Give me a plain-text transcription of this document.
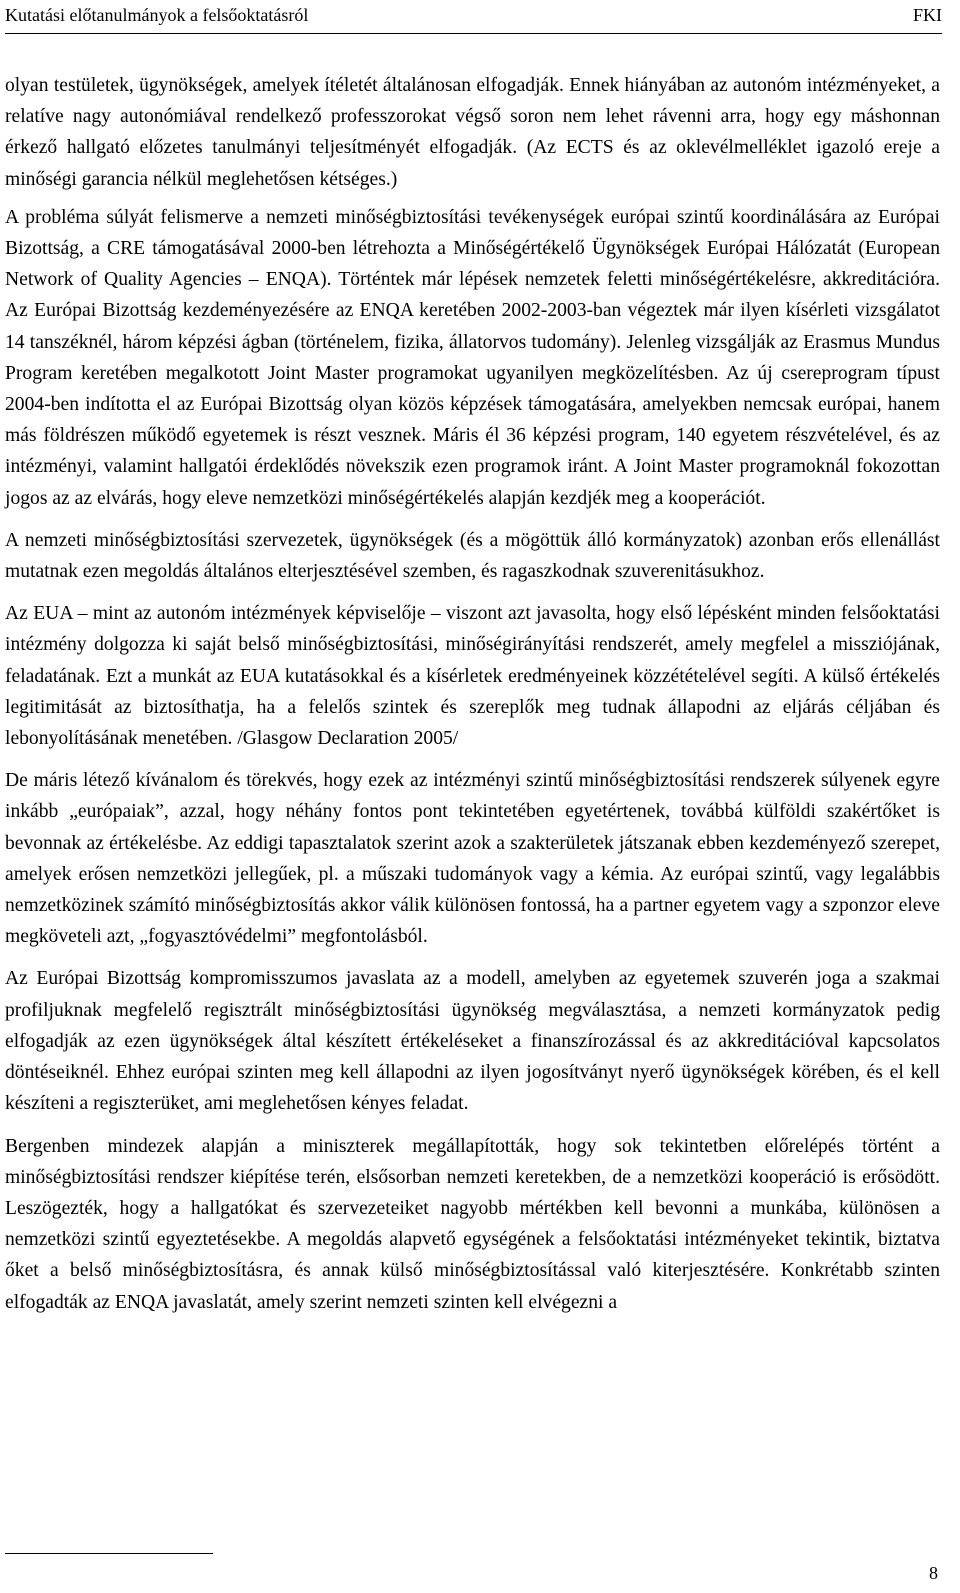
Kutatási előtanulmányok a felsőoktatásról	FKI

olyan testületek, ügynökségek, amelyek ítéletét általánosan elfogadják. Ennek hiányában az autonóm intézményeket, a relatíve nagy autonómiával rendelkező professzorokat végső soron nem lehet rávenni arra, hogy egy máshonnan érkező hallgató előzetes tanulmányi teljesítményét elfogadják. (Az ECTS és az oklevélmelléklet igazoló ereje a minőségi garancia nélkül meglehetősen kétséges.)

A probléma súlyát felismerve a nemzeti minőségbiztosítási tevékenységek európai szintű koordinálására az Európai Bizottság, a CRE támogatásával 2000-ben létrehozta a Minőségértékelő Ügynökségek Európai Hálózatát (European Network of Quality Agencies – ENQA). Történtek már lépések nemzetek feletti minőségértékelésre, akkreditációra. Az Európai Bizottság kezdeményezésére az ENQA keretében 2002-2003-ban végeztek már ilyen kísérleti vizsgálatot 14 tanszéknél, három képzési ágban (történelem, fizika, állatorvos tudomány). Jelenleg vizsgálják az Erasmus Mundus Program keretében megalkotott Joint Master programokat ugyanilyen megközelítésben. Az új csereprogram típust 2004-ben indította el az Európai Bizottság olyan közös képzések támogatására, amelyekben nemcsak európai, hanem más földrészen működő egyetemek is részt vesznek. Máris él 36 képzési program, 140 egyetem részvételével, és az intézményi, valamint hallgatói érdeklődés növekszik ezen programok iránt. A Joint Master programoknál fokozottan jogos az az elvárás, hogy eleve nemzetközi minőségértékelés alapján kezdjék meg a kooperációt.

A nemzeti minőségbiztosítási szervezetek, ügynökségek (és a mögöttük álló kormányzatok) azonban erős ellenállást mutatnak ezen megoldás általános elterjesztésével szemben, és ragaszkodnak szuverenitásukhoz.

Az EUA – mint az autonóm intézmények képviselője – viszont azt javasolta, hogy első lépésként minden felsőoktatási intézmény dolgozza ki saját belső minőségbiztosítási, minőségirányítási rendszerét, amely megfelel a missziójának, feladatának. Ezt a munkát az EUA kutatásokkal és a kísérletek eredményeinek közzétételével segíti. A külső értékelés legitimitását az biztosíthatja, ha a felelős szintek és szereplők meg tudnak állapodni az eljárás céljában és lebonyolításának menetében. /Glasgow Declaration 2005/

De máris létező kívánalom és törekvés, hogy ezek az intézményi szintű minőségbiztosítási rendszerek súlyenek egyre inkább „európaiak”, azzal, hogy néhány fontos pont tekintetében egyetértenek, továbbá külföldi szakértőket is bevonnak az értékelésbe. Az eddigi tapasztalatok szerint azok a szakterületek játszanak ebben kezdeményező szerepet, amelyek erősen nemzetközi jellegűek, pl. a műszaki tudományok vagy a kémia. Az európai szintű, vagy legalábbis nemzetközinek számító minőségbiztosítás akkor válik különösen fontossá, ha a partner egyetem vagy a szponzor eleve megköveteli azt, „fogyasztóvédelmi” megfontolásból.

Az Európai Bizottság kompromisszumos javaslata az a modell, amelyben az egyetemek szuverén joga a szakmai profiljuknak megfelelő regisztrált minőségbiztosítási ügynökség megválasztása, a nemzeti kormányzatok pedig elfogadják az ezen ügynökségek által készített értékeléseket a finanszírozással és az akkreditációval kapcsolatos döntéseiknél. Ehhez európai szinten meg kell állapodni az ilyen jogosítványt nyerő ügynökségek körében, és el kell készíteni a regiszterüket, ami meglehetősen kényes feladat.

Bergenben mindezek alapján a miniszterek megállapították, hogy sok tekintetben előrelépés történt a minőségbiztosítási rendszer kiépítése terén, elsősorban nemzeti keretekben, de a nemzetközi kooperáció is erősödött. Leszögezték, hogy a hallgatókat és szervezeteiket nagyobb mértékben kell bevonni a munkába, különösen a nemzetközi szintű egyeztetésekbe. A megoldás alapvető egységének a felsőoktatási intézményeket tekintik, biztatva őket a belső minőségbiztosításra, és annak külső minőségbiztosítással való kiterjesztésére. Konkrétabb szinten elfogadták az ENQA javaslatát, amely szerint nemzeti szinten kell elvégezni a

8
